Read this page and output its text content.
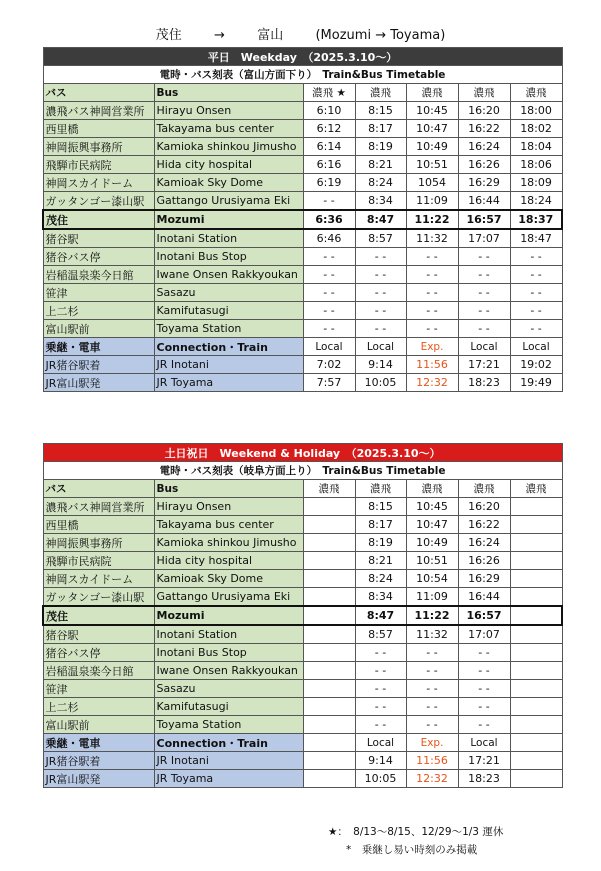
茂住 → 富山 (Mozumi → Toyama)
平日　Weekday　（2025.3.10～）						
電時・バス刻表（富山方面下り）　Train&Bus Timetable						
バス	Bus	濃飛 ★	濃飛	濃飛	濃飛	濃飛
濃飛バス神岡営業所	Hirayu Onsen	6:10	8:15	10:45	16:20	18:00
西里橋	Takayama bus center	6:12	8:17	10:47	16:22	18:02
神岡振興事務所	Kamioka shinkou Jimusho	6:14	8:19	10:49	16:24	18:04
飛騨市民病院	Hida city hospital	6:16	8:21	10:51	16:26	18:06
神岡スカイドーム	Kamioak Sky Dome	6:19	8:24	1054	16:29	18:09
ガッタンゴー漆山駅	Gattango Urusiyama Eki	- -	8:34	11:09	16:44	18:24
茂住	Mozumi	6:36	8:47	11:22	16:57	18:37
猪谷駅	Inotani Station	6:46	8:57	11:32	17:07	18:47
猪谷バス停	Inotani Bus Stop	- -	- -	- -	- -	- -
岩稲温泉楽今日館	Iwane Onsen Rakkyoukan	- -	- -	- -	- -	- -
笹津	Sasazu	- -	- -	- -	- -	- -
上二杉	Kamifutasugi	- -	- -	- -	- -	- -
富山駅前	Toyama Station	- -	- -	- -	- -	- -
乗継・電車	Connection・Train	Local	Local	Exp.	Local	Local
JR猪谷駅着	JR Inotani	7:02	9:14	11:56	17:21	19:02
JR富山駅発	JR Toyama	7:57	10:05	12:32	18:23	19:49
土日祝日　Weekend & Holiday　（2025.3.10～）						
電時・バス刻表（岐阜方面上り）　Train&Bus Timetable						
バス	Bus	濃飛	濃飛	濃飛	濃飛	濃飛
濃飛バス神岡営業所	Hirayu Onsen		8:15	10:45	16:20	
西里橋	Takayama bus center		8:17	10:47	16:22	
神岡振興事務所	Kamioka shinkou Jimusho		8:19	10:49	16:24	
飛騨市民病院	Hida city hospital		8:21	10:51	16:26	
神岡スカイドーム	Kamioak Sky Dome		8:24	10:54	16:29	
ガッタンゴー漆山駅	Gattango Urusiyama Eki		8:34	11:09	16:44	
茂住	Mozumi		8:47	11:22	16:57	
猪谷駅	Inotani Station		8:57	11:32	17:07	
猪谷バス停	Inotani Bus Stop		- -	- -	- -	
岩稲温泉楽今日館	Iwane Onsen Rakkyoukan		- -	- -	- -	
笹津	Sasazu		- -	- -	- -	
上二杉	Kamifutasugi		- -	- -	- -	
富山駅前	Toyama Station		- -	- -	- -	
乗継・電車	Connection・Train		Local	Exp.	Local	
JR猪谷駅着	JR Inotani		9:14	11:56	17:21	
JR富山駅発	JR Toyama		10:05	12:32	18:23	
★：　8/13～8/15、12/29～1/3 運休
*　乗継し易い時刻のみ掲載
